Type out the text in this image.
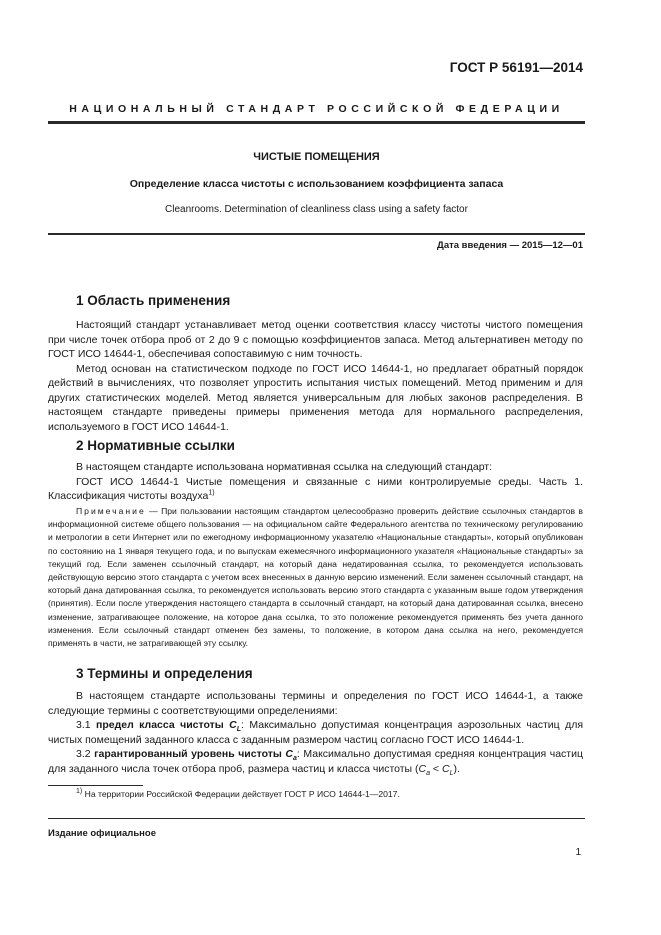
ГОСТ Р 56191—2014
НАЦИОНАЛЬНЫЙ СТАНДАРТ РОССИЙСКОЙ ФЕДЕРАЦИИ
ЧИСТЫЕ ПОМЕЩЕНИЯ
Определение класса чистоты с использованием коэффициента запаса
Cleanrooms. Determination of cleanliness class using a safety factor
Дата введения — 2015—12—01
1 Область применения

Настоящий стандарт устанавливает метод оценки соответствия классу чистоты чистого помещения при числе точек отбора проб от 2 до 9 с помощью коэффициентов запаса. Метод альтернативен методу по ГОСТ ИСО 14644-1, обеспечивая сопоставимую с ним точность.

Метод основан на статистическом подходе по ГОСТ ИСО 14644-1, но предлагает обратный порядок действий в вычислениях, что позволяет упростить испытания чистых помещений. Метод применим и для других статистических моделей. Метод является универсальным для любых законов распределения. В настоящем стандарте приведены примеры применения метода для нормального распределения, используемого в ГОСТ ИСО 14644-1.

2 Нормативные ссылки

В настоящем стандарте использована нормативная ссылка на следующий стандарт:

ГОСТ ИСО 14644-1 Чистые помещения и связанные с ними контролируемые среды. Часть 1. Классификация чистоты воздуха$^{1)}$

Примечание — При пользовании настоящим стандартом целесообразно проверить действие ссылочных стандартов в информационной системе общего пользования — на официальном сайте Федерального агентства по техническому регулированию и метрологии в сети Интернет или по ежегодному информационному указателю «Национальные стандарты», который опубликован по состоянию на 1 января текущего года, и по выпускам ежемесячного информационного указателя «Национальные стандарты» за текущий год. Если заменен ссылочный стандарт, на который дана недатированная ссылка, то рекомендуется использовать действующую версию этого стандарта с учетом всех внесенных в данную версию изменений. Если заменен ссылочный стандарт, на который дана датированная ссылка, то рекомендуется использовать версию этого стандарта с указанным выше годом утверждения (принятия). Если после утверждения настоящего стандарта в ссылочный стандарт, на который дана датированная ссылка, внесено изменение, затрагивающее положение, на которое дана ссылка, то это положение рекомендуется применять без учета данного изменения. Если ссылочный стандарт отменен без замены, то положение, в котором дана ссылка на него, рекомендуется применять в части, не затрагивающей эту ссылку.
3 Термины и определения

В настоящем стандарте использованы термины и определения по ГОСТ ИСО 14644-1, а также следующие термины с соответствующими определениями:

3.1 предел класса чистоты $C_L$: Максимально допустимая концентрация аэрозольных частиц для чистых помещений заданного класса с заданным размером частиц согласно ГОСТ ИСО 14644-1.

3.2 гарантированный уровень чистоты $C_a$: Максимально допустимая средняя концентрация частиц для заданного числа точек отбора проб, размера частиц и класса чистоты $(C_a < C_L)$.

$^{1)}$ На территории Российской Федерации действует ГОСТ Р ИСО 14644-1—2017.
Издание официальное
1
